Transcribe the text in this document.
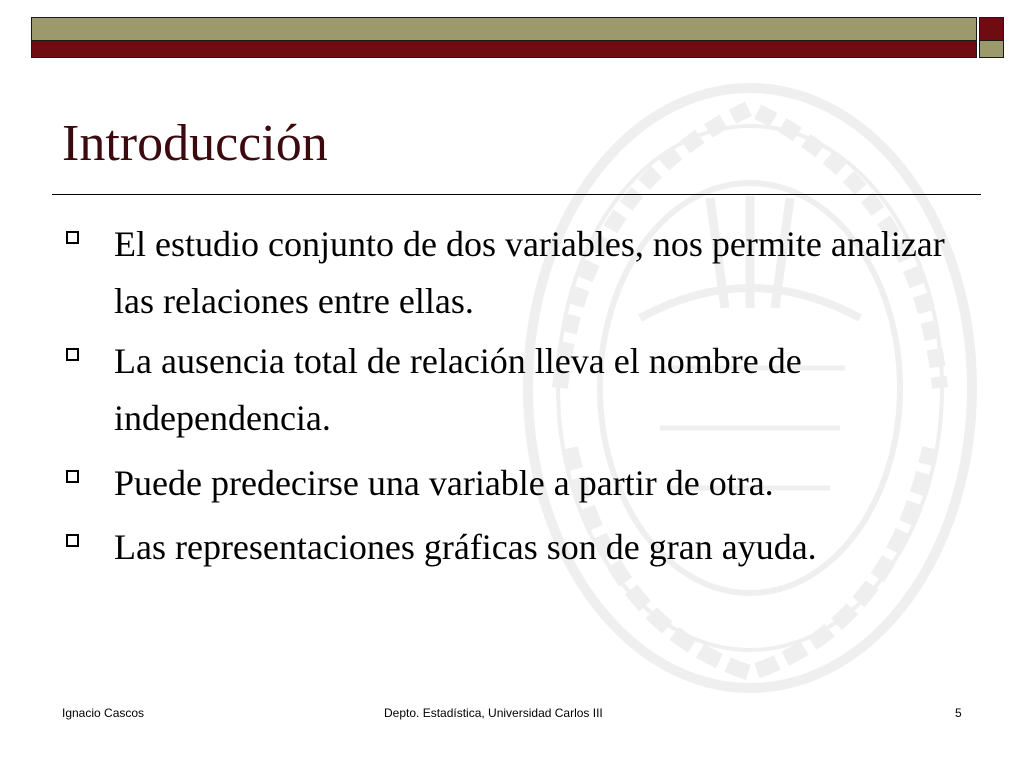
Introducción
El estudio conjunto de dos variables, nos permite analizar las relaciones entre ellas.
La ausencia total de relación lleva el nombre de independencia.
Puede predecirse una variable a partir de otra.
Las representaciones gráficas son de gran ayuda.
Ignacio Cascos	Depto. Estadística, Universidad Carlos III	5
